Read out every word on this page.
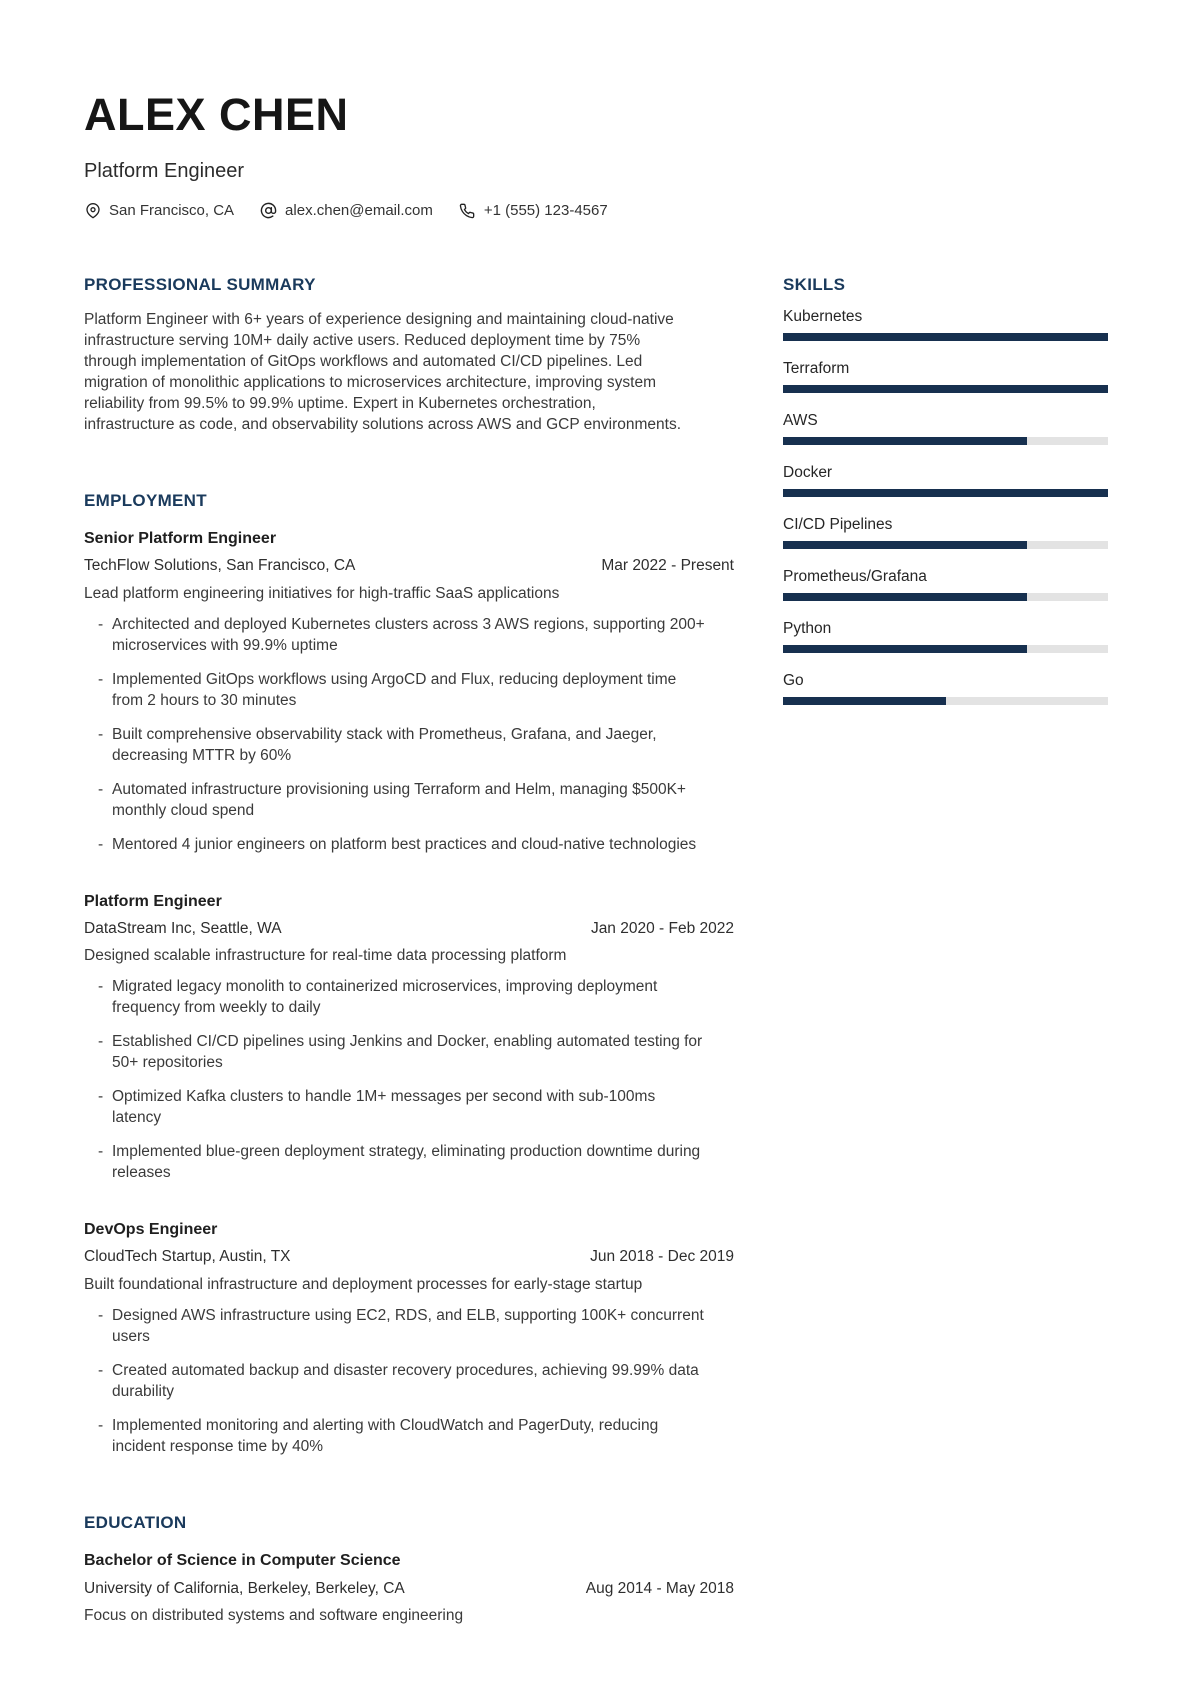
ALEX CHEN
Platform Engineer
San Francisco, CA	alex.chen@email.com	+1 (555) 123-4567
PROFESSIONAL SUMMARY
Platform Engineer with 6+ years of experience designing and maintaining cloud-native infrastructure serving 10M+ daily active users. Reduced deployment time by 75% through implementation of GitOps workflows and automated CI/CD pipelines. Led migration of monolithic applications to microservices architecture, improving system reliability from 99.5% to 99.9% uptime. Expert in Kubernetes orchestration, infrastructure as code, and observability solutions across AWS and GCP environments.
EMPLOYMENT
Senior Platform Engineer
TechFlow Solutions, San Francisco, CA	Mar 2022 - Present
Lead platform engineering initiatives for high-traffic SaaS applications
- Architected and deployed Kubernetes clusters across 3 AWS regions, supporting 200+ microservices with 99.9% uptime
- Implemented GitOps workflows using ArgoCD and Flux, reducing deployment time from 2 hours to 30 minutes
- Built comprehensive observability stack with Prometheus, Grafana, and Jaeger, decreasing MTTR by 60%
- Automated infrastructure provisioning using Terraform and Helm, managing $500K+ monthly cloud spend
- Mentored 4 junior engineers on platform best practices and cloud-native technologies
Platform Engineer
DataStream Inc, Seattle, WA	Jan 2020 - Feb 2022
Designed scalable infrastructure for real-time data processing platform
- Migrated legacy monolith to containerized microservices, improving deployment frequency from weekly to daily
- Established CI/CD pipelines using Jenkins and Docker, enabling automated testing for 50+ repositories
- Optimized Kafka clusters to handle 1M+ messages per second with sub-100ms latency
- Implemented blue-green deployment strategy, eliminating production downtime during releases
DevOps Engineer
CloudTech Startup, Austin, TX	Jun 2018 - Dec 2019
Built foundational infrastructure and deployment processes for early-stage startup
- Designed AWS infrastructure using EC2, RDS, and ELB, supporting 100K+ concurrent users
- Created automated backup and disaster recovery procedures, achieving 99.99% data durability
- Implemented monitoring and alerting with CloudWatch and PagerDuty, reducing incident response time by 40%
EDUCATION
Bachelor of Science in Computer Science
University of California, Berkeley, Berkeley, CA	Aug 2014 - May 2018
Focus on distributed systems and software engineering
SKILLS
Kubernetes
Terraform
AWS
Docker
CI/CD Pipelines
Prometheus/Grafana
Python
Go
